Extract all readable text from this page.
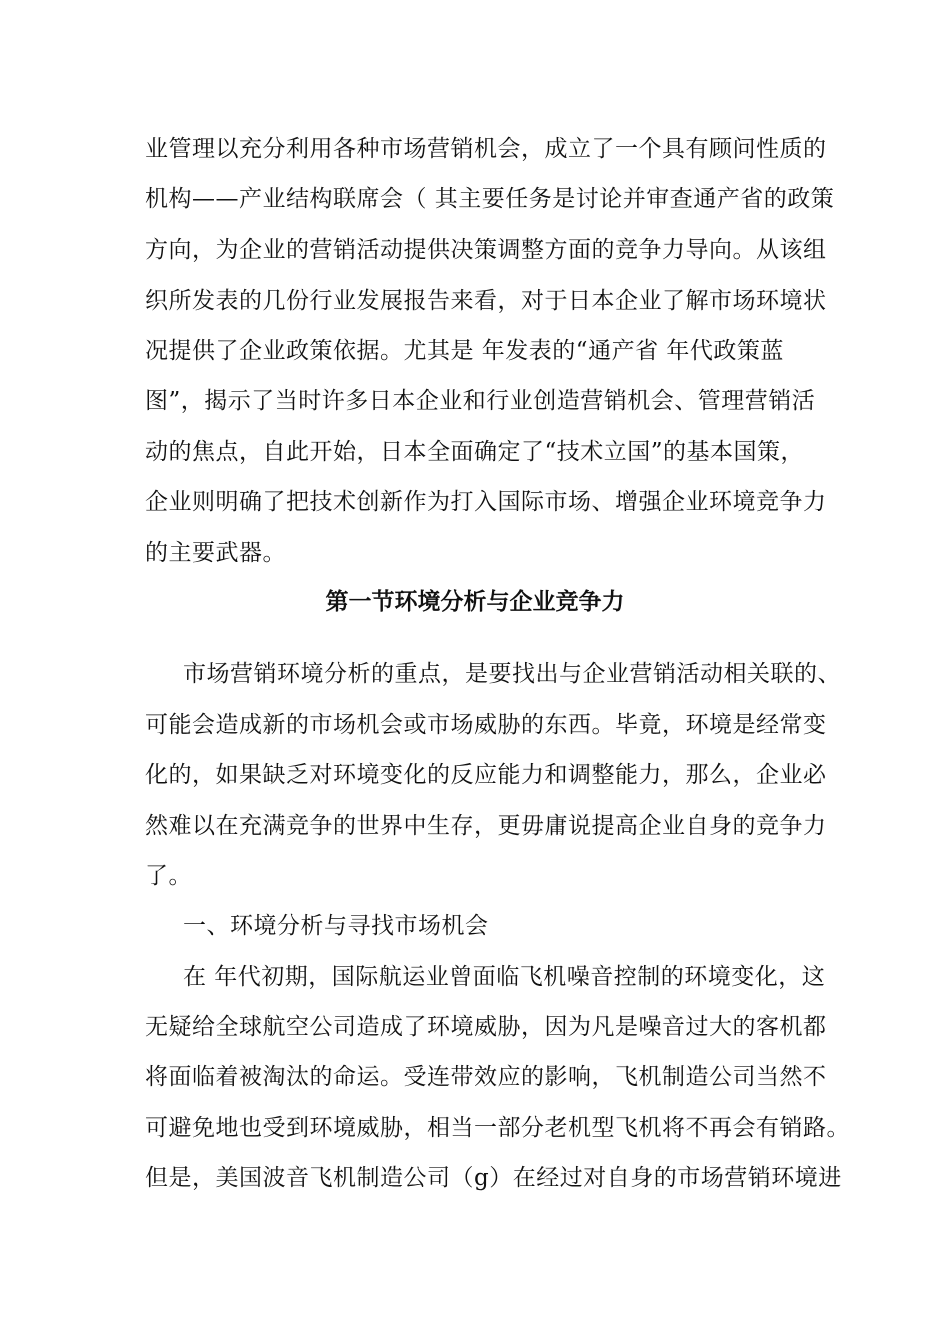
业管理以充分利用各种市场营销机会，成立了一个具有顾问性质的
机构——产业结构联席会（ 其主要任务是讨论并审查通产省的政策
方向，为企业的营销活动提供决策调整方面的竞争力导向。从该组
织所发表的几份行业发展报告来看，对于日本企业了解市场环境状
况提供了企业政策依据。尤其是 年发表的“通产省 年代政策蓝
图”，揭示了当时许多日本企业和行业创造营销机会、管理营销活
动的焦点，自此开始，日本全面确定了“技术立国”的基本国策，
企业则明确了把技术创新作为打入国际市场、增强企业环境竞争力
的主要武器。
第一节环境分析与企业竞争力
市场营销环境分析的重点，是要找出与企业营销活动相关联的、
可能会造成新的市场机会或市场威胁的东西。毕竟，环境是经常变
化的，如果缺乏对环境变化的反应能力和调整能力，那么，企业必
然难以在充满竞争的世界中生存，更毋庸说提高企业自身的竞争力
了。
一、环境分析与寻找市场机会
在 年代初期，国际航运业曾面临飞机噪音控制的环境变化，这
无疑给全球航空公司造成了环境威胁，因为凡是噪音过大的客机都
将面临着被淘汰的命运。受连带效应的影响，飞机制造公司当然不
可避免地也受到环境威胁，相当一部分老机型飞机将不再会有销路。
但是，美国波音飞机制造公司（g）在经过对自身的市场营销环境进
